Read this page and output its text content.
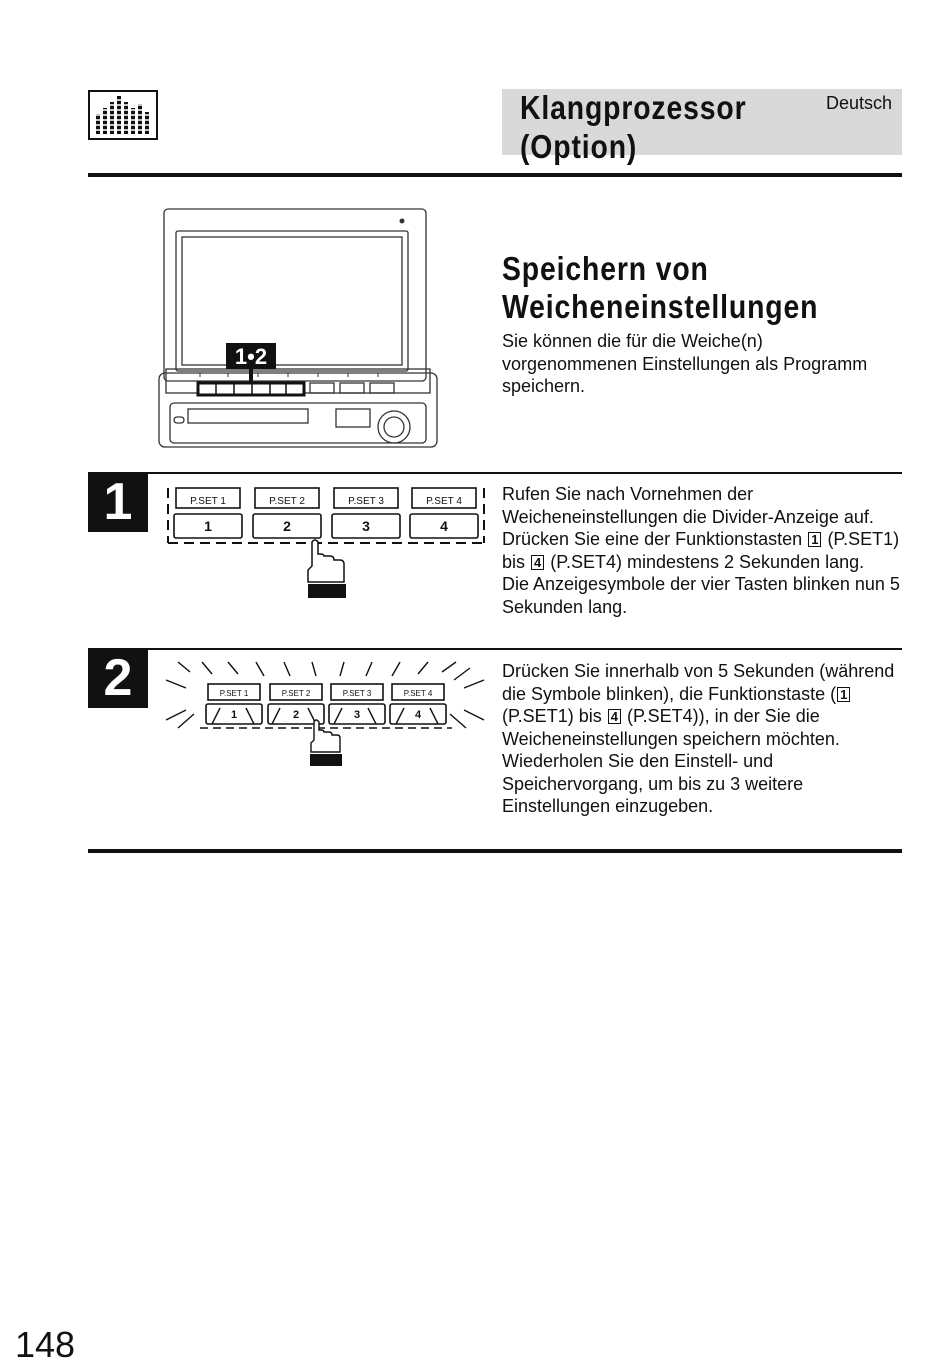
Klangprozessor
(Option)
Deutsch
1•2
Speichern von
Weicheneinstellungen
Sie können die für die Weiche(n) vorgenommenen Einstellungen als Programm speichern.
1	P.SET 1	P.SET 2	P.SET 3	P.SET 4
1	2	3	4
Rufen Sie nach Vornehmen der Weicheneinstellungen die Divider-Anzeige auf. Drücken Sie eine der Funktionstasten 1 (P.SET1) bis 4 (P.SET4) mindestens 2 Sekunden lang.
Die Anzeigesymbole der vier Tasten blinken nun 5 Sekunden lang.
2	P.SET 1	P.SET 2	P.SET 3	P.SET 4
1	2	3	4
Drücken Sie innerhalb von 5 Sekunden (während die Symbole blinken), die Funktionstaste ( 1 (P.SET1) bis 4 (P.SET4)), in der Sie die Weicheneinstellungen speichern möchten.
Wiederholen Sie den Einstell- und Speichervorgang, um bis zu 3 weitere Einstellungen einzugeben.
148
